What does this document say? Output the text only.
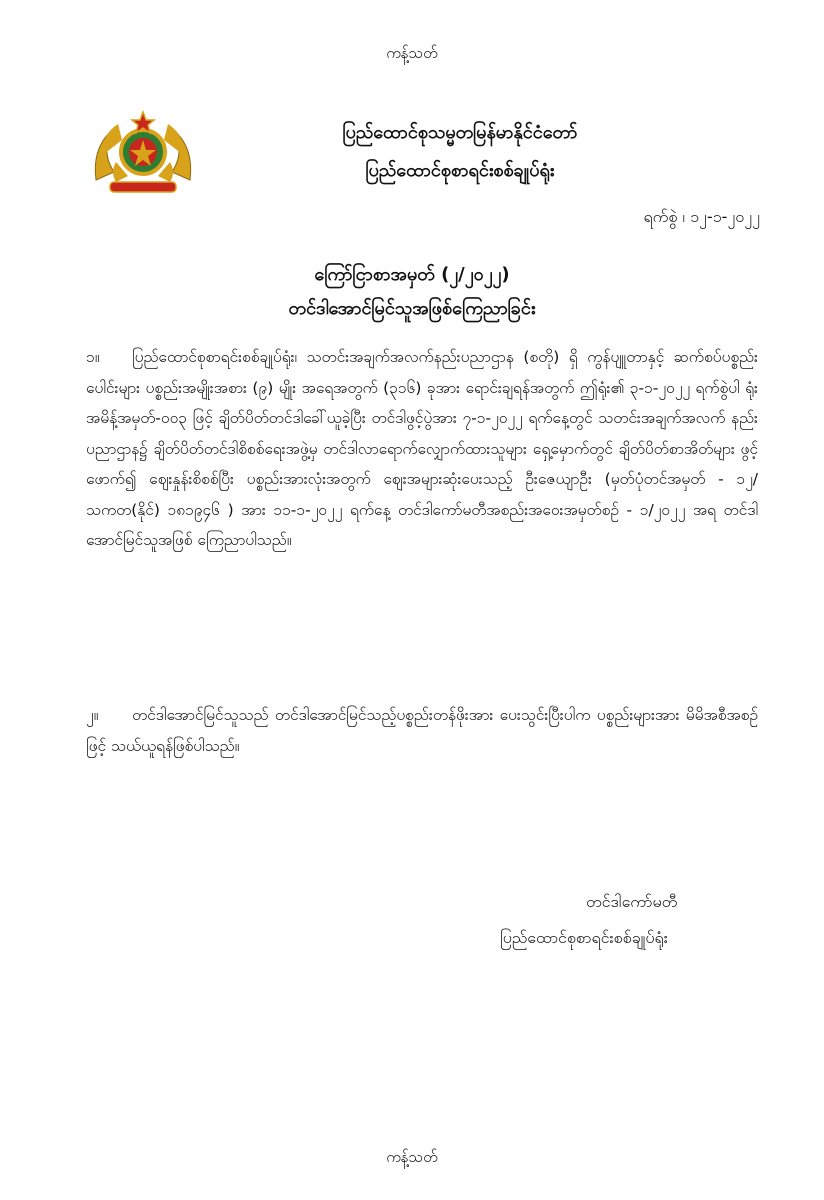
ကန့်သတ်
ပြည်ထောင်စုသမ္မတမြန်မာနိုင်ငံတော်
ပြည်ထောင်စုစာရင်းစစ်ချုပ်ရုံး
ရက်စွဲ ၊ ၁၂-၁-၂၀၂၂
ကြော်ငြာစာအမှတ် (၂/၂၀၂၂)
တင်ဒါအောင်မြင်သူအဖြစ်ကြေညာခြင်း
၁။ ပြည်ထောင်စုစာရင်းစစ်ချုပ်ရုံး၊ သတင်းအချက်အလက်နည်းပညာဌာန (စတို) ရှိ ကွန်ပျူတာနှင့် ဆက်စပ်ပစ္စည်းပေါင်းများ ပစ္စည်းအမျိုးအစား (၉) မျိုး အရေအတွက် (၃၁၆) ခုအား ရောင်းချရန်အတွက် ဤရုံး၏ ၃-၁-၂၀၂၂ ရက်စွဲပါ ရုံးအမိန့်အမှတ်-၀၀၃ ဖြင့် ချိတ်ပိတ်တင်ဒါခေါ်ယူခဲ့ပြီး တင်ဒါဖွင့်ပွဲအား ၇-၁-၂၀၂၂ ရက်နေ့တွင် သတင်းအချက်အလက် နည်းပညာဌာန၌ ချိတ်ပိတ်တင်ဒါစိစစ်ရေးအဖွဲ့မှ တင်ဒါလာရောက်လျှောက်ထားသူများ ရှေ့မှောက်တွင် ချိတ်ပိတ်စာအိတ်များ ဖွင့်ဖောက်၍ ဈေးနှုန်းစိစစ်ပြီး ပစ္စည်းအားလုံးအတွက် ဈေးအများဆုံးပေးသည့် ဦးဇေယျာဦး (မှတ်ပုံတင်အမှတ် - ၁၂/သကတ(နိုင်) ၁၈၁၉၄၆ ) အား ၁၁-၁-၂၀၂၂ ရက်နေ့ တင်ဒါကော်မတီအစည်းအဝေးအမှတ်စဉ် - ၁/၂၀၂၂ အရ တင်ဒါ အောင်မြင်သူအဖြစ် ကြေညာပါသည်။
၂။ တင်ဒါအောင်မြင်သူသည် တင်ဒါအောင်မြင်သည့်ပစ္စည်းတန်ဖိုးအား ပေးသွင်းပြီးပါက ပစ္စည်းများအား မိမိအစီအစဉ်ဖြင့် သယ်ယူရန်ဖြစ်ပါသည်။
တင်ဒါကော်မတီ
ပြည်ထောင်စုစာရင်းစစ်ချုပ်ရုံး
ကန့်သတ်
